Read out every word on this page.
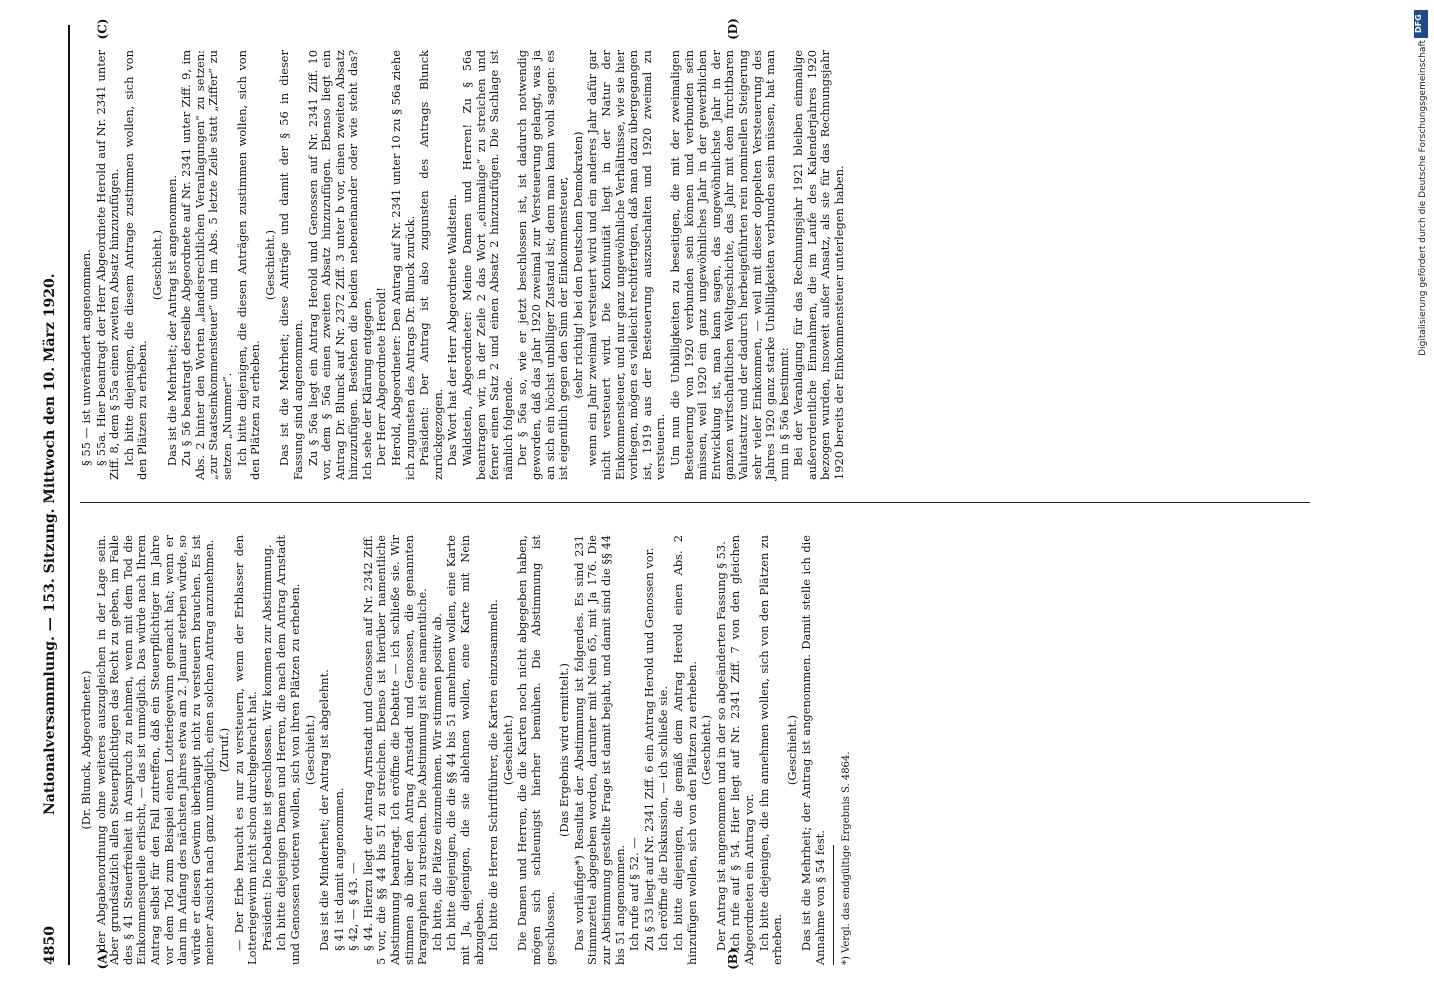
4850
Nationalversammlung. — 153. Sitzung. Mittwoch den 10. März 1920. (Dr. Blunck, Abgeordneter.) der Abgabenordnung ohne weiteres auszugleichen in der Lage sein. Aber grundsätzlich allen Steuerpflichtigen das Recht zu geben, im Falle des § 41 Steuerfreiheit in Anspruch zu nehmen, wenn mit dem Tod die Einkommensquelle erlischt, — das ist unmöglich. Das würde nach Ihrem Antrag selbst für den Fall zutreffen, daß ein Steuerpflichtiger im Jahre vor dem Tod zum Beispiel einen Lotteriegewinn gemacht hat; wenn er dann im Anfang des nächsten Jahres etwa am 2. Januar sterben würde, so würde er diesen Gewinn überhaupt nicht zu versteuern brauchen. Es ist meiner Ansicht nach ganz unmöglich, einen solchen Antrag anzunehmen. (Zuruf.) — Der Erbe braucht es nur zu versteuern, wenn der Erblasser den Lotteriegewinn nicht schon durchgebracht hat. Präsident: Die Debatte ist geschlossen. Wir kommen zur Abstimmung. Ich bitte diejenigen Damen und Herren, die nach dem Antrag Arnstadt und Genossen votieren wollen, sich von ihren Plätzen zu erheben. (Geschieht.) Das ist die Minderheit; der Antrag ist abgelehnt. § 41 ist damit angenommen. § 42, — § 43. — § 44. Hierzu liegt der Antrag Arnstadt und Genossen auf Nr. 2342 Ziff. 5 vor, die §§ 44 bis 51 zu streichen. Ebenso ist hierüber namentliche Abstimmung beantragt. Ich eröffne die Debatte — ich schließe sie. Wir stimmen ab über den Antrag Arnstadt und Genossen, die genannten Paragraphen zu streichen. Die Abstimmung ist eine namentliche. Ich bitte, die Plätze einzunehmen. Wir stimmen positiv ab. Ich bitte diejenigen, die die §§ 44 bis 51 annehmen wollen, eine Karte mit Ja, diejenigen, die sie ablehnen wollen, eine Karte mit Nein abzugeben. Ich bitte die Herren Schriftführer, die Karten einzusammeln. (Geschieht.) Die Damen und Herren, die die Karten noch nicht abgegeben haben, mögen sich schleunigst hierher bemühen. Die Abstimmung ist geschlossen.

(Das Ergebnis wird ermittelt.) Das vorläufige*) Resultat der Abstimmung ist folgendes. Es sind 231 Stimmzettel abgegeben worden, darunter mit Nein 65, mit Ja 176. Die zur Abstimmung gestellte Frage ist damit bejaht, und damit sind die §§ 44 bis 51 angenommen. Ich rufe auf § 52. — Zu § 53 liegt auf Nr. 2341 Ziff. 6 ein Antrag Herold und Genossen vor. Ich eröffne die Diskussion, — ich schließe sie. Ich bitte diejenigen, die gemäß dem Antrag Herold einen Abs. 2 hinzufügen wollen, sich von den Plätzen zu erheben. (Geschieht.) Der Antrag ist angenommen und in der so abgeänderten Fassung § 53. Ich rufe auf § 54. Hier liegt auf Nr. 2341 Ziff. 7 von den gleichen Abgeordneten ein Antrag vor. Ich bitte diejenigen, die ihn annehmen wollen, sich von den Plätzen zu erheben.

(Geschieht.) Das ist die Mehrheit; der Antrag ist angenommen. Damit stelle ich die Annahme von § 54 fest. *) Vergl. das endgültige Ergebnis S. 4864.

§ 55 — ist unverändert angenommen. § 55a. Hier beantragt der Herr Abgeordnete Herold auf Nr. 2341 unter Ziff. 8, dem § 55a einen zweiten Absatz hinzuzufügen. Ich bitte diejenigen, die diesem Antrage zustimmen wollen, sich von den Plätzen zu erheben.

(Geschieht.) Das ist die Mehrheit; der Antrag ist angenommen. Zu § 56 beantragt derselbe Abgeordnete auf Nr. 2341 unter Ziff. 9, im Abs. 2 hinter den Worten „landesrechtlichen Veranlagungen“ zu setzen: „zur Staatseinkommensteuer“ und im Abs. 5 letzte Zeile statt „Ziffer“ zu setzen „Nummer“. Ich bitte diejenigen, die diesen Anträgen zustimmen wollen, sich von den Plätzen zu erheben.

(Geschieht.) Das ist die Mehrheit; diese Anträge und damit der § 56 in dieser Fassung sind angenommen. Zu § 56a liegt ein Antrag Herold und Genossen auf Nr. 2341 Ziff. 10 vor, dem § 56a einen zweiten Absatz hinzuzufügen. Ebenso liegt ein Antrag Dr. Blunck auf Nr. 2372 Ziff. 3 unter b vor, einen zweiten Absatz hinzuzufügen. Bestehen die beiden nebeneinander oder wie steht das? Ich sehe der Klärung entgegen. Der Herr Abgeordnete Herold! Herold, Abgeordneter: Den Antrag auf Nr. 2341 unter 10 zu § 56a ziehe ich zugunsten des Antrags Dr. Blunck zurück. Präsident: Der Antrag ist also zugunsten des Antrags Blunck zurückgezogen. Das Wort hat der Herr Abgeordnete Waldstein. Waldstein, Abgeordneter: Meine Damen und Herren! Zu § 56a beantragen wir, in der Zeile 2 das Wort „einmalige“ zu streichen und ferner einen Satz 2 und einen Absatz 2 hinzuzufügen. Die Sachlage ist nämlich folgende. Der § 56a so, wie er jetzt beschlossen ist, ist dadurch notwendig geworden, daß das Jahr 1920 zweimal zur Versteuerung gelangt, was ja an sich ein höchst unbilliger Zustand ist; denn man kann wohl sagen: es ist eigentlich gegen den Sinn der Einkommensteuer, (sehr richtig! bei den Deutschen Demokraten) wenn ein Jahr zweimal versteuert wird und ein anderes Jahr dafür gar nicht versteuert wird. Die Kontinuität liegt in der Natur der Einkommensteuer, und nur ganz ungewöhnliche Verhältnisse, wie sie hier vorliegen, mögen es vielleicht rechtfertigen, daß man dazu übergegangen ist, 1919 aus der Besteuerung auszuschalten und 1920 zweimal zu versteuern. Um nun die Unbilligkeiten zu beseitigen, die mit der zweimaligen Besteuerung von 1920 verbunden sein können und verbunden sein müssen, weil 1920 ein ganz ungewöhnliches Jahr in der gewerblichen Entwicklung ist, man kann sagen, das ungewöhnlichste Jahr in der ganzen wirtschaftlichen Weltgeschichte, das Jahr mit dem furchtbaren Valutasturz und der dadurch herbeigeführten rein nominellen Steigerung sehr vieler Einkommen, — weil mit dieser doppelten Versteuerung des Jahres 1920 ganz starke Unbilligkeiten verbunden sein müssen, hat man nun in § 56a bestimmt: Bei der Veranlagung für das Rechnungsjahr 1921 bleiben einmalige außerordentliche Einnahmen, die im Laufe des Kalenderjahres 1920 bezogen wurden, insoweit außer Ansatz, als sie für das Rechnungsjahr 1920 bereits der Einkommensteuer unterlegen haben.

(A)	(B)
(C)	(D)	DFG
Digitalisierung gefördert durch die Deutsche Forschungsgemeinschaft
